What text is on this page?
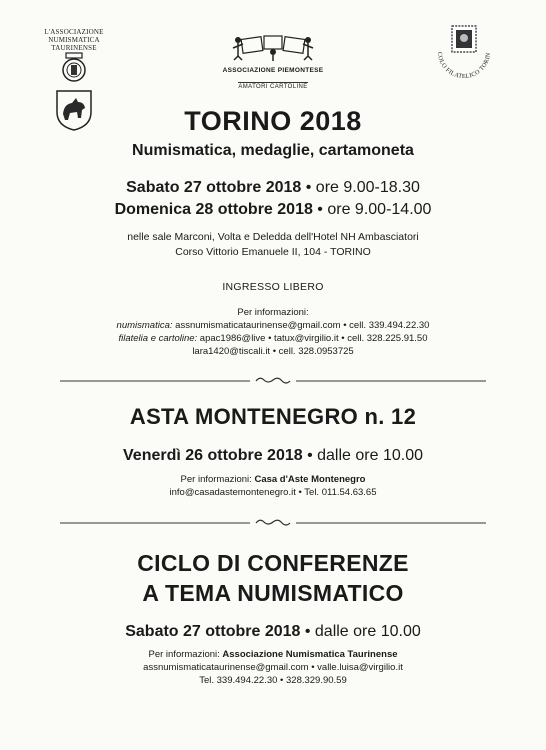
L'ASSOCIAZIONE
NUMISMATICA
TAURINENSE
ASSOCIAZIONE PIEMONTESE
AMATORI CARTOLINE
COLO FILATELICO TORIN
TORINO 2018
Numismatica, medaglie, cartamoneta
Sabato 27 ottobre 2018 • ore 9.00-18.30
Domenica 28 ottobre 2018 • ore 9.00-14.00
nelle sale Marconi, Volta e Deledda dell'Hotel NH Ambasciatori
Corso Vittorio Emanuele II, 104 - TORINO
INGRESSO LIBERO
Per informazioni:
numismatica: assnumismaticataurinense@gmail.com • cell. 339.494.22.30
filatelia e cartoline: apac1986@live • tatux@virgilio.it • cell. 328.225.91.50
lara1420@tiscali.it • cell. 328.0953725
ASTA MONTENEGRO n. 12
Venerdì 26 ottobre 2018 • dalle ore 10.00
Per informazioni: Casa d'Aste Montenegro
info@casadastemontenegro.it • Tel. 011.54.63.65
CICLO DI CONFERENZE
A TEMA NUMISMATICO
Sabato 27 ottobre 2018 • dalle ore 10.00
Per informazioni: Associazione Numismatica Taurinense
assnumismaticataurinense@gmail.com • valle.luisa@virgilio.it
Tel. 339.494.22.30 • 328.329.90.59
